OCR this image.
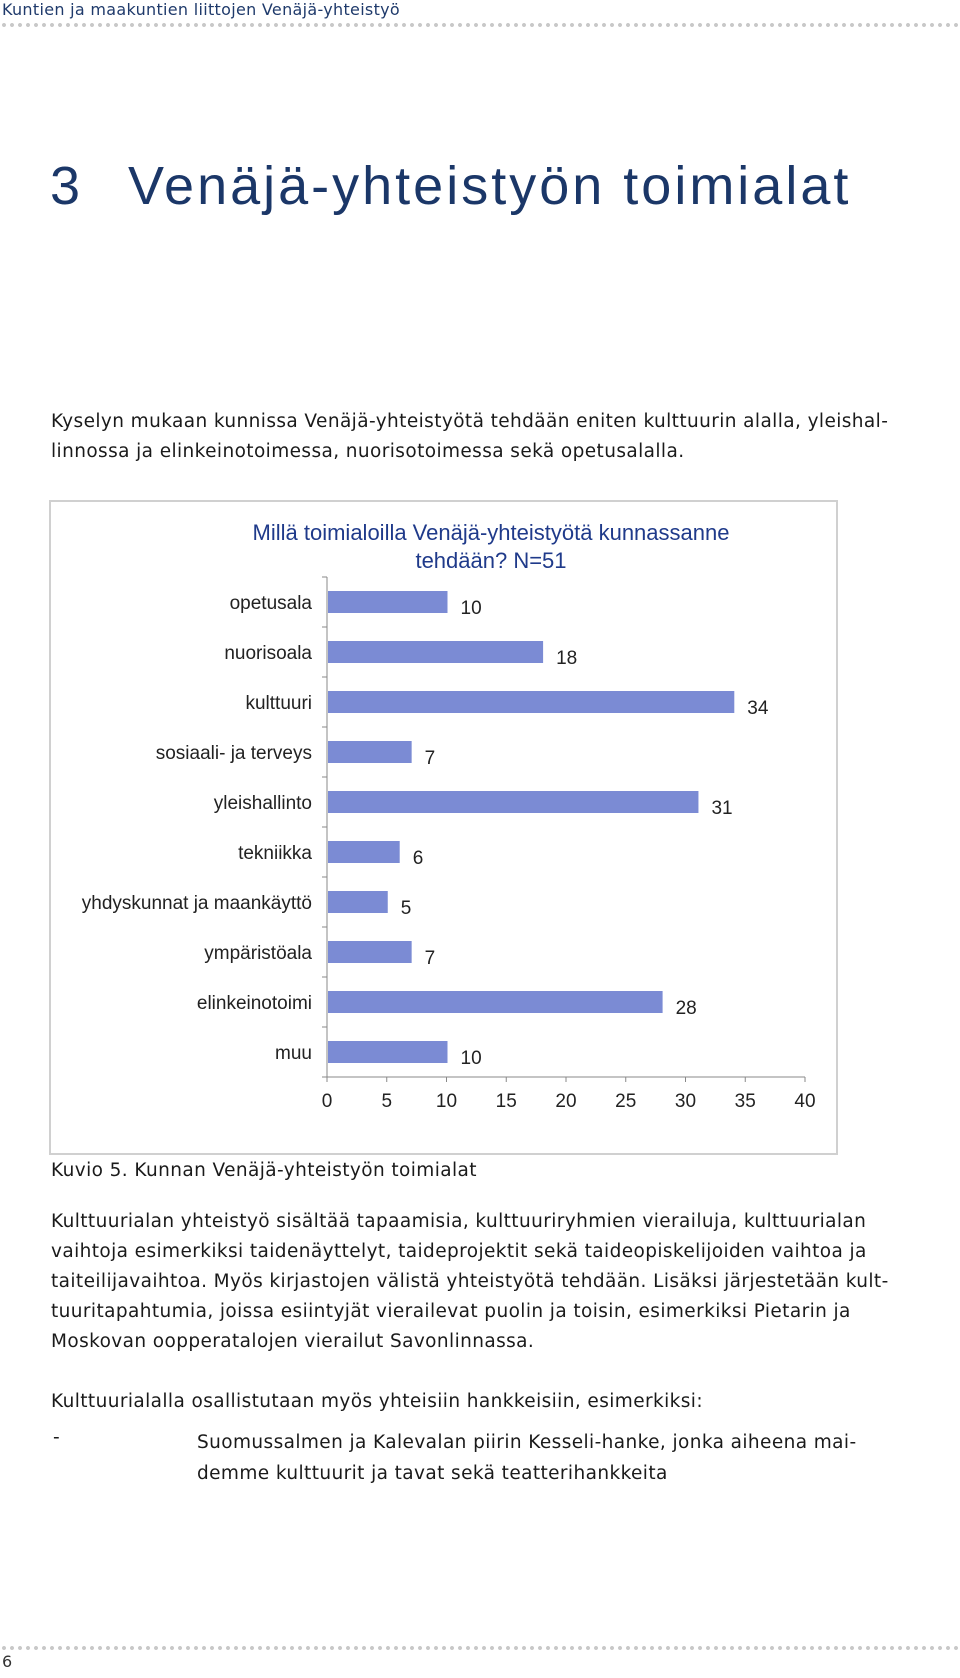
Kuntien ja maakuntien liittojen Venäjä-yhteistyö
3 Venäjä-yhteistyön toimialat

Kyselyn mukaan kunnissa Venäjä-yhteistyötä tehdään eniten kulttuurin alalla, yleishal-linnossa ja elinkeinotoimessa, nuorisotoimessa sekä opetusalalla.

Millä toimialoilla Venäjä-yhteistyötä kunnassanne
tehdään? N=51
opetusala	10
nuorisoala	18
kulttuuri	34
sosiaali- ja terveys	7
yleishallinto	31
tekniikka	6
yhdyskunnat ja maankäyttö	5
ympäristöala	7
elinkeinotoimi	28
muu	10
0	5 10 15 20 25 30 35 40
Kuvio 5. Kunnan Venäjä-yhteistyön toimialat

Kulttuurialan yhteistyö sisältää tapaamisia, kulttuuriryhmien vierailuja, kulttuurialan vaihtoja esimerkiksi taidenäyttelyt, taideprojektit sekä taideopiskelijoiden vaihtoa ja taiteilijavaihtoa. Myös kirjastojen välistä yhteistyötä tehdään. Lisäksi järjestetään kult-tuuritapahtumia, joissa esiintyjät vierailevat puolin ja toisin, esimerkiksi Pietarin ja Moskovan oopperatalojen vierailut Savonlinnassa.

Kulttuurialalla osallistutaan myös yhteisiin hankkeisiin, esimerkiksi:

-	Suomussalmen ja Kalevalan piirin Kesseli-hanke, jonka aiheena mai-demme kulttuurit ja tavat sekä teatterihankkeita

6
